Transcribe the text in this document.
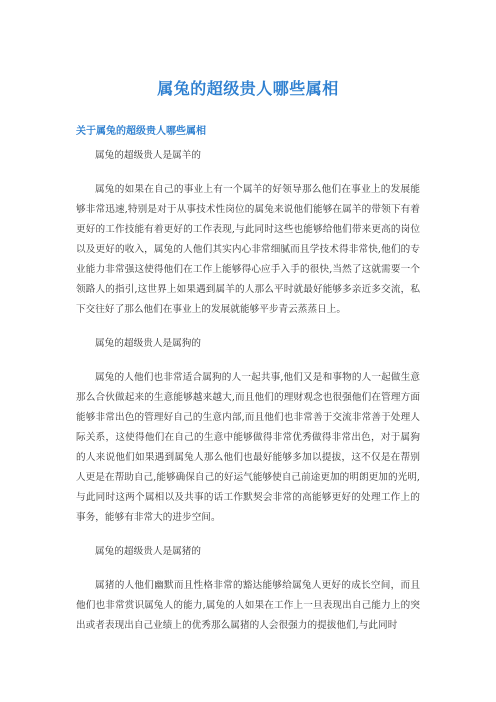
属兔的超级贵人哪些属相
关于属兔的超级贵人哪些属相

属兔的超级贵人是属羊的

属兔的如果在自己的事业上有一个属羊的好领导那么他们在事业上的发展能够非常迅速,特别是对于从事技术性岗位的属兔来说他们能够在属羊的带领下有着更好的工作技能有着更好的工作表现,与此同时这些也能够给他们带来更高的岗位以及更好的收入，属兔的人他们其实内心非常细腻而且学技术得非常快,他们的专业能力非常强这使得他们在工作上能够得心应手入手的很快,当然了这就需要一个领路人的指引,这世界上如果遇到属羊的人那么平时就最好能够多亲近多交流，私下交往好了那么他们在事业上的发展就能够平步青云蒸蒸日上。

属兔的超级贵人是属狗的

属兔的人他们也非常适合属狗的人一起共事,他们又是和事物的人一起做生意那么合伙做起来的生意能够越来越大,而且他们的理财观念也很强他们在管理方面能够非常出色的管理好自己的生意内部,而且他们也非常善于交流非常善于处理人际关系，这使得他们在自己的生意中能够做得非常优秀做得非常出色，对于属狗的人来说他们如果遇到属兔人那么他们也最好能够多加以提拔，这不仅是在帮别人更是在帮助自己,能够确保自己的好运气能够使自己前途更加的明朗更加的光明,与此同时这两个属相以及共事的话工作默契会非常的高能够更好的处理工作上的事务，能够有非常大的进步空间。

属兔的超级贵人是属猪的

属猪的人他们幽默而且性格非常的豁达能够给属兔人更好的成长空间，而且他们也非常赏识属兔人的能力,属兔的人如果在工作上一旦表现出自己能力上的突出或者表现出自己业绩上的优秀那么属猪的人会很强力的提拔他们,与此同时
